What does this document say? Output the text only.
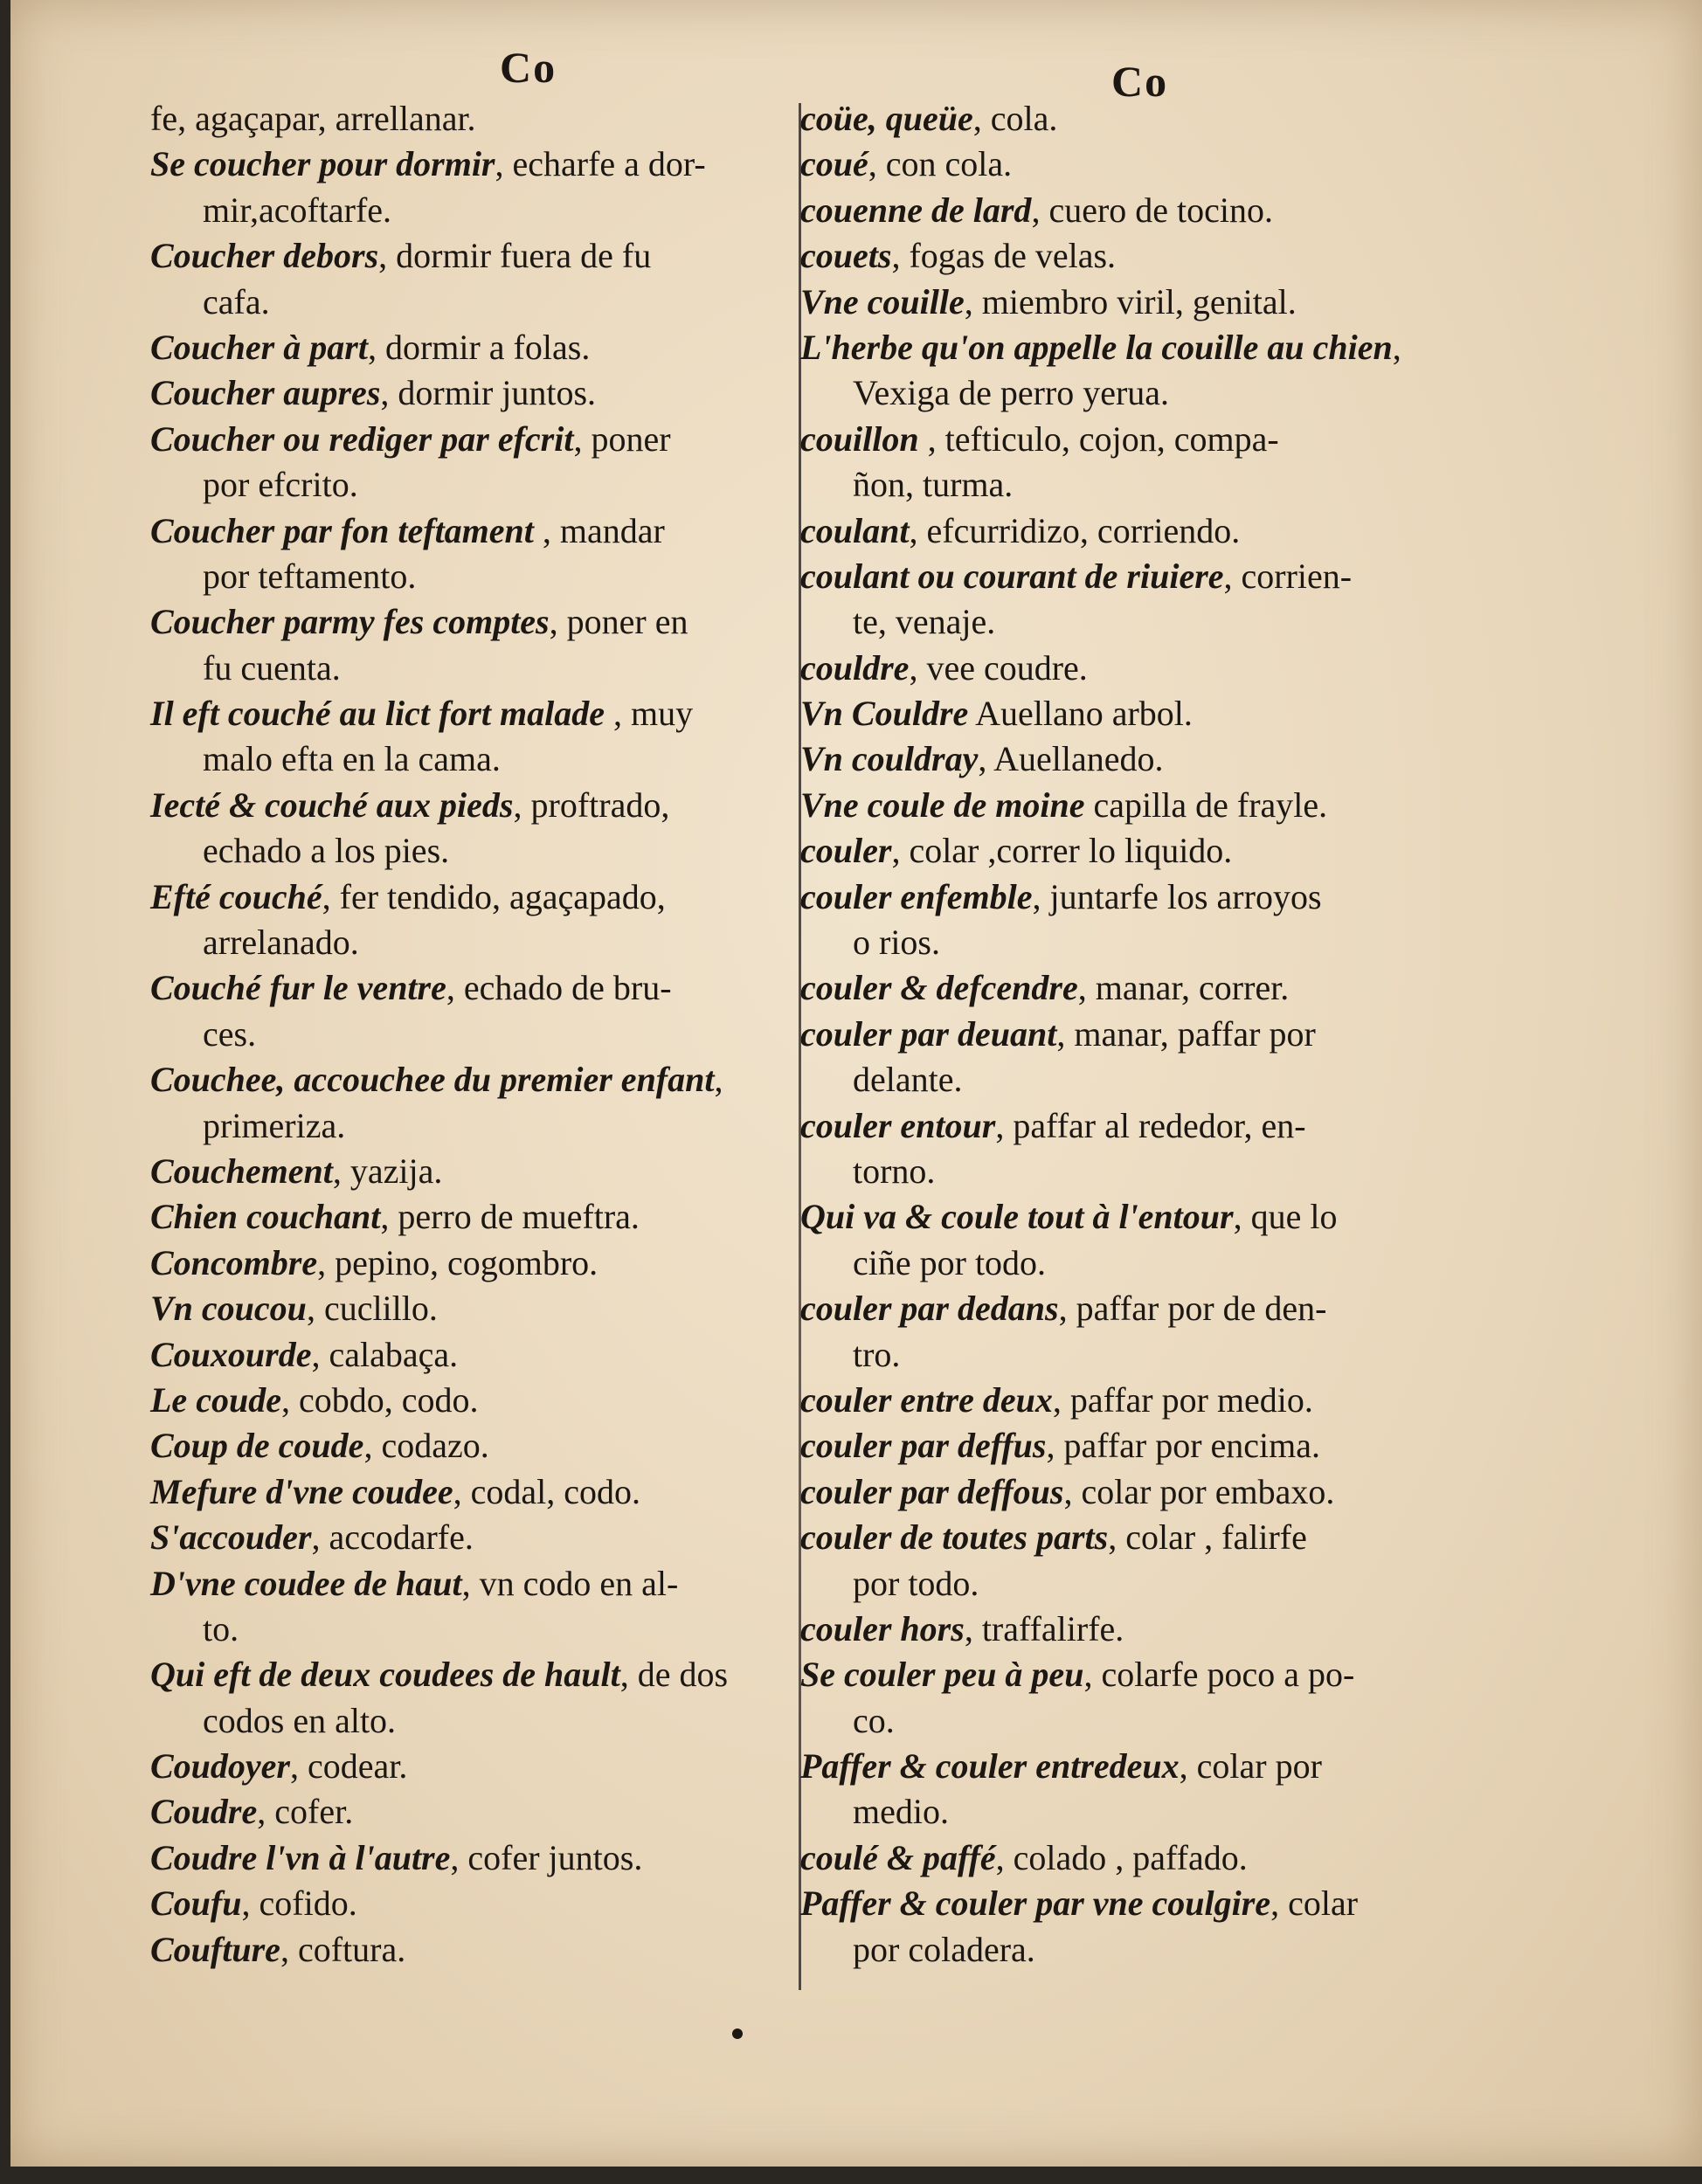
Co	Co
fe, agaçapar, arrellanar.
Se coucher pour dormir, echarfe a dor-
mir,acoftarfe.
Coucher debors, dormir fuera de fu
cafa.
Coucher à part, dormir a folas.
Coucher aupres, dormir juntos.
Coucher ou rediger par efcrit, poner
por efcrito.
Coucher par fon teftament , mandar
por teftamento.
Coucher parmy fes comptes, poner en
fu cuenta.
Il eft couché au lict fort malade , muy
malo efta en la cama.
Iecté & couché aux pieds, proftrado,
echado a los pies.
Efté couché, fer tendido, agaçapado,
arrelanado.
Couché fur le ventre, echado de bru-
ces.
Couchee, accouchee du premier enfant,
primeriza.
Couchement, yazija.
Chien couchant, perro de mueftra.
Concombre, pepino, cogombro.
Vn coucou, cuclillo.
Couxourde, calabaça.
Le coude, cobdo, codo.
Coup de coude, codazo.
Mefure d'vne coudee, codal, codo.
S'accouder, accodarfe.
D'vne coudee de haut, vn codo en al-
to.
Qui eft de deux coudees de hault, de dos
codos en alto.
Coudoyer, codear.
Coudre, cofer.
Coudre l'vn à l'autre, cofer juntos.
Coufu, cofido.
Coufture, coftura.
coüe, queüe, cola.
coué, con cola.
couenne de lard, cuero de tocino.
couets, fogas de velas.
Vne couille, miembro viril, genital.
L'herbe qu'on appelle la couille au chien,
Vexiga de perro yerua.
couillon , tefticulo, cojon, compa-
ñon, turma.
coulant, efcurridizo, corriendo.
coulant ou courant de riuiere, corrien-
te, venaje.
couldre, vee coudre.
Vn Couldre Auellano arbol.
Vn couldray, Auellanedo.
Vne coule de moine capilla de frayle.
couler, colar ,correr lo liquido.
couler enfemble, juntarfe los arroyos
o rios.
couler & defcendre, manar, correr.
couler par deuant, manar, paffar por
delante.
couler entour, paffar al rededor, en-
torno.
Qui va & coule tout à l'entour, que lo
ciñe por todo.
couler par dedans, paffar por de den-
tro.
couler entre deux, paffar por medio.
couler par deffus, paffar por encima.
couler par deffous, colar por embaxo.
couler de toutes parts, colar , falirfe
por todo.
couler hors, traffalirfe.
Se couler peu à peu, colarfe poco a po-
co.
Paffer & couler entredeux, colar por
medio.
coulé & paffé, colado , paffado.
Paffer & couler par vne coulgire, colar
por coladera.
